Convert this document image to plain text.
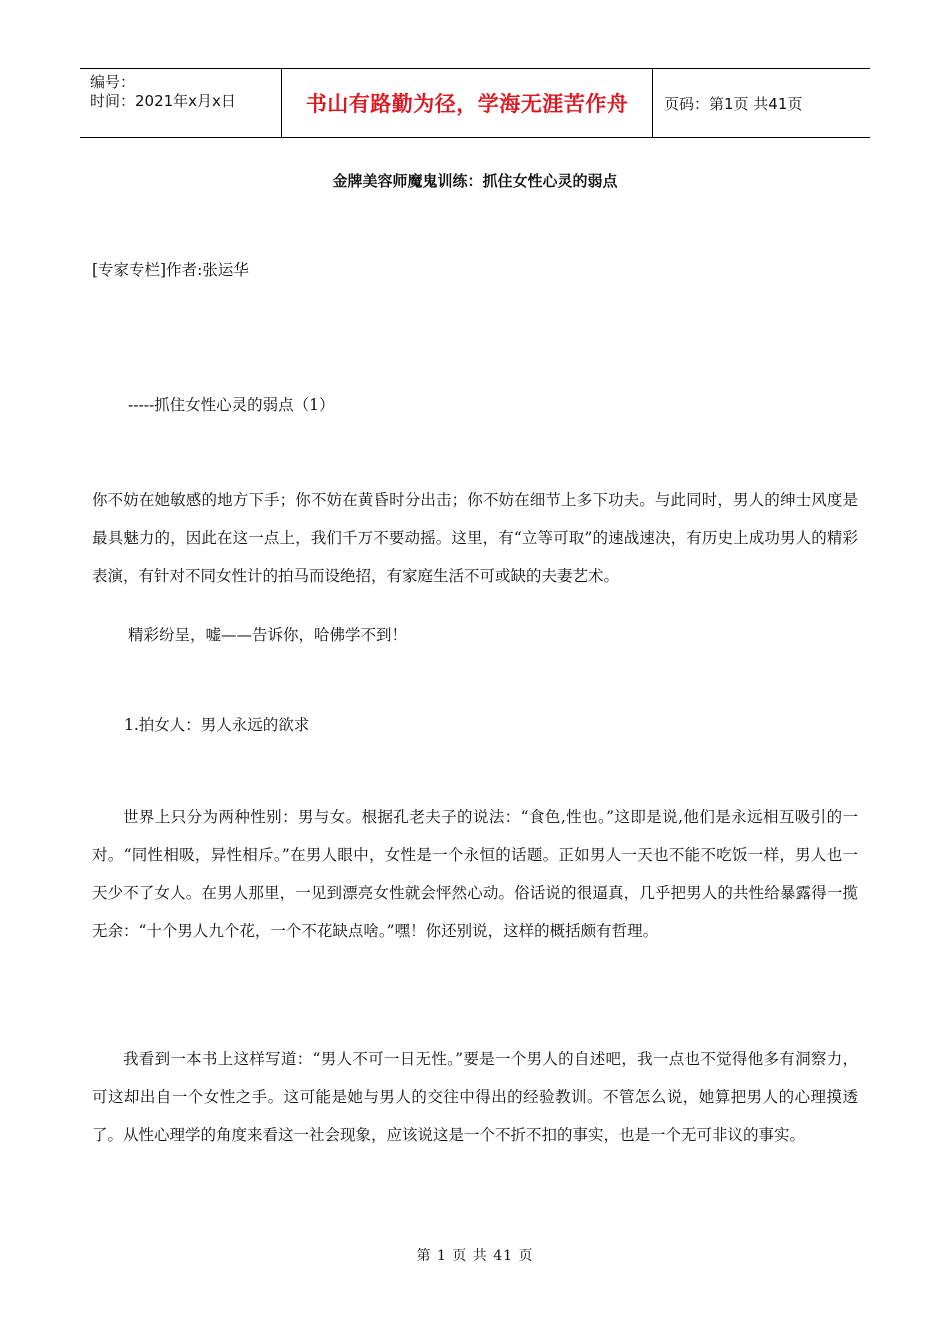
编号：
时间：2021年x月x日	书山有路勤为径，学海无涯苦作舟	页码：第1页 共41页
金牌美容师魔鬼训练：抓住女性心灵的弱点
[专家专栏]作者:张运华
-----抓住女性心灵的弱点（1）
你不妨在她敏感的地方下手；你不妨在黄昏时分出击；你不妨在细节上多下功夫。与此同时，男人的绅士风度是最具魅力的，因此在这一点上，我们千万不要动摇。这里，有“立等可取”的速战速决，有历史上成功男人的精彩表演，有针对不同女性计的拍马而设绝招，有家庭生活不可或缺的夫妻艺术。
精彩纷呈，嘘——告诉你，哈佛学不到！
1.拍女人：男人永远的欲求
世界上只分为两种性别：男与女。根据孔老夫子的说法：“食色,性也。”这即是说,他们是永远相互吸引的一对。“同性相吸，异性相斥。”在男人眼中，女性是一个永恒的话题。正如男人一天也不能不吃饭一样，男人也一天少不了女人。在男人那里，一见到漂亮女性就会怦然心动。俗话说的很逼真，几乎把男人的共性给暴露得一揽无余：“十个男人九个花，一个不花缺点啥。”嘿！你还别说，这样的概括颇有哲理。
我看到一本书上这样写道：“男人不可一日无性。”要是一个男人的自述吧，我一点也不觉得他多有洞察力，可这却出自一个女性之手。这可能是她与男人的交往中得出的经验教训。不管怎么说，她算把男人的心理摸透了。从性心理学的角度来看这一社会现象，应该说这是一个不折不扣的事实，也是一个无可非议的事实。
第 1 页 共 41 页
